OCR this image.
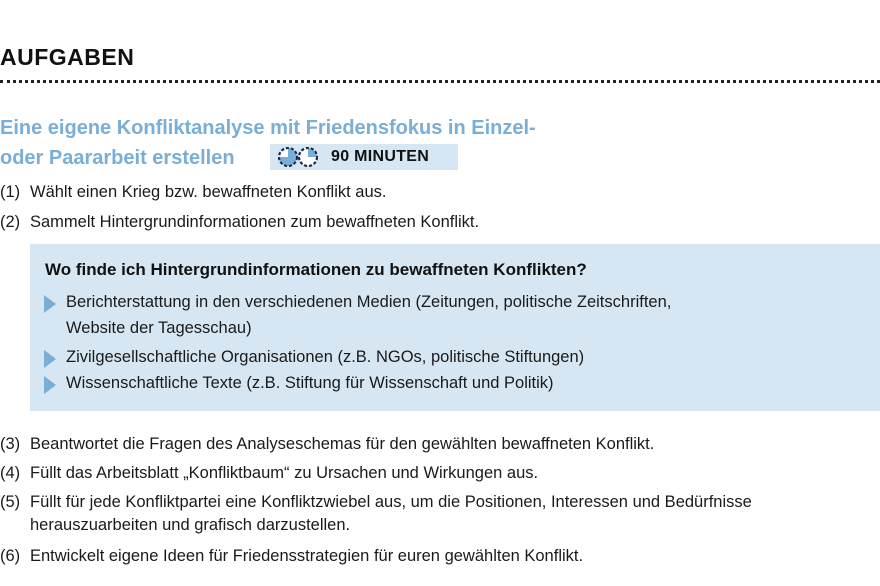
AUFGABEN
Eine eigene Konfliktanalyse mit Friedensfokus in Einzel-
oder Paararbeit erstellen	90 MINUTEN
(1) Wählt einen Krieg bzw. bewaffneten Konflikt aus.
(2) Sammelt Hintergrundinformationen zum bewaffneten Konflikt.
Wo finde ich Hintergrundinformationen zu bewaffneten Konflikten?
Berichterstattung in den verschiedenen Medien (Zeitungen, politische Zeitschriften,
Website der Tagesschau)
Zivilgesellschaftliche Organisationen (z.B. NGOs, politische Stiftungen)
Wissenschaftliche Texte (z.B. Stiftung für Wissenschaft und Politik)
(3) Beantwortet die Fragen des Analyseschemas für den gewählten bewaffneten Konflikt.
(4) Füllt das Arbeitsblatt „Konfliktbaum“ zu Ursachen und Wirkungen aus.
(5) Füllt für jede Konfliktpartei eine Konfliktzwiebel aus, um die Positionen, Interessen und Bedürfnisse
herauszuarbeiten und grafisch darzustellen.
(6) Entwickelt eigene Ideen für Friedensstrategien für euren gewählten Konflikt.
